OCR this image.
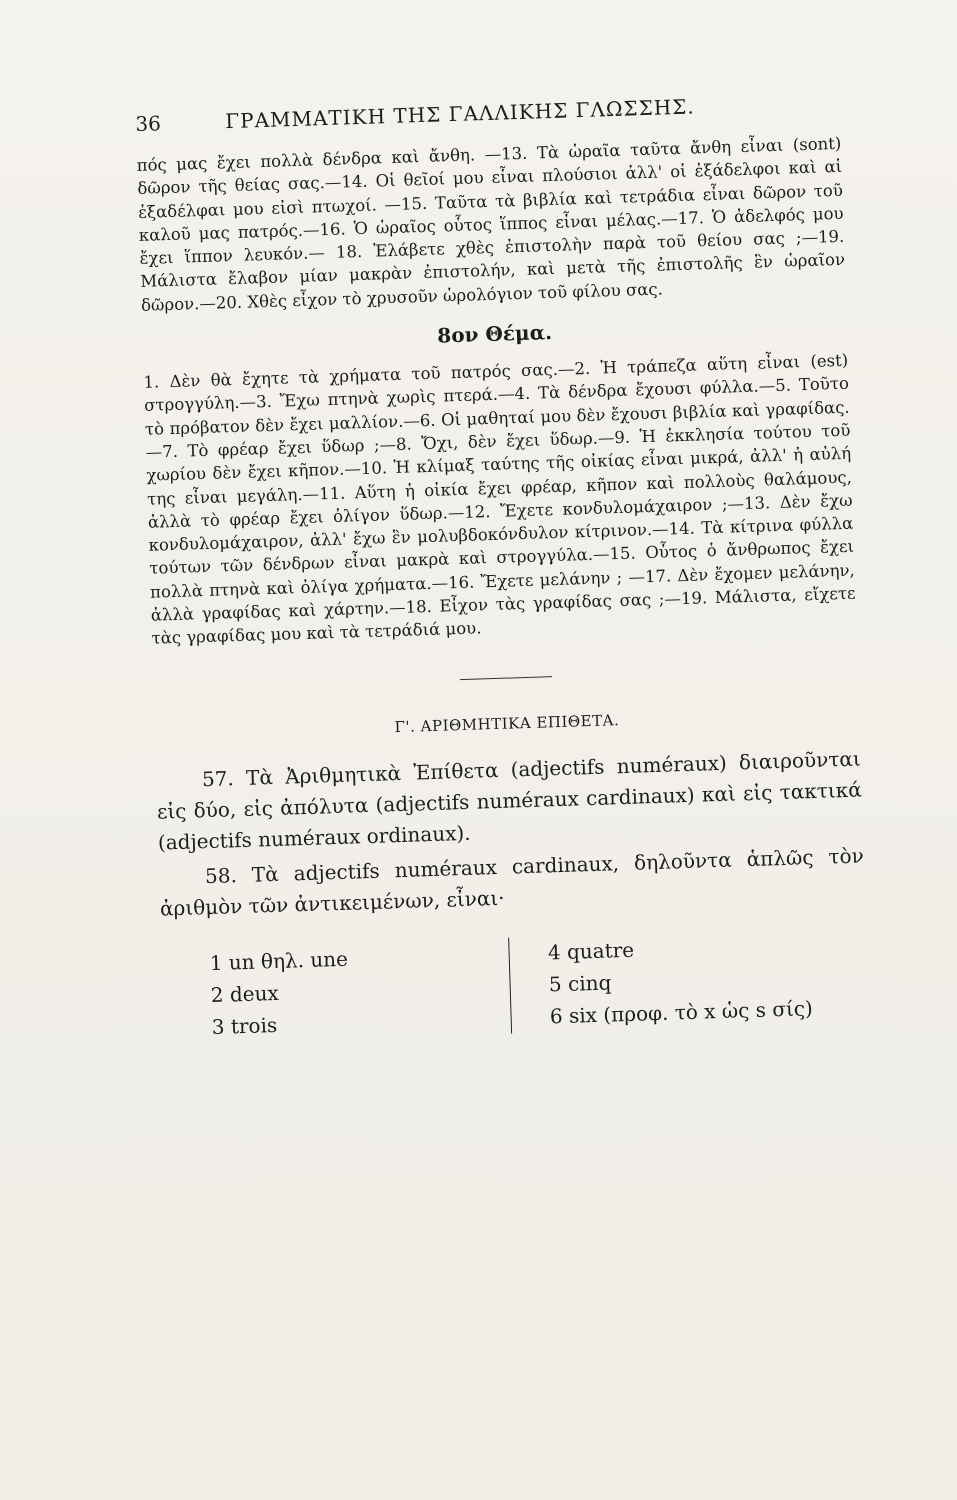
36	ΓΡΑΜΜΑΤΙΚΗ ΤΗΣ ΓΑΛΛΙΚΗΣ ΓΛΩΣΣΗΣ.

πός μας ἔχει πολλὰ δένδρα καὶ ἄνθη. —13. Τὰ ὡραῖα ταῦτα ἄνθη εἶναι (sont) δῶρον τῆς θείας σας.—14. Οἱ θεῖοί μου εἶναι πλούσιοι ἀλλ' οἱ ἐξάδελφοι καὶ αἱ ἐξαδέλφαι μου εἰσὶ πτωχοί. —15. Ταῦτα τὰ βιβλία καὶ τετράδια εἶναι δῶρον τοῦ καλοῦ μας πατρός.—16. Ὁ ὡραῖος οὗτος ἵππος εἶναι μέλας.—17. Ὁ ἀδελφός μου ἔχει ἵππον λευκόν.— 18. Ἐλάβετε χθὲς ἐπιστολὴν παρὰ τοῦ θείου σας ;—19. Μάλιστα ἔλαβον μίαν μακρὰν ἐπιστολήν, καὶ μετὰ τῆς ἐπιστολῆς ἓν ὡραῖον δῶρον.—20. Χθὲς εἶχον τὸ χρυσοῦν ὡρολόγιον τοῦ φίλου σας.

8ον Θέμα.

1. Δὲν θὰ ἔχητε τὰ χρήματα τοῦ πατρός σας.—2. Ἡ τράπεζα αὕτη εἶναι (est) στρογγύλη.—3. Ἔχω πτηνὰ χωρὶς πτερά.—4. Τὰ δένδρα ἔχουσι φύλλα.—5. Τοῦτο τὸ πρόβατον δὲν ἔχει μαλλίον.—6. Οἱ μαθηταί μου δὲν ἔχουσι βιβλία καὶ γραφίδας.—7. Τὸ φρέαρ ἔχει ὕδωρ ;—8. Ὄχι, δὲν ἔχει ὕδωρ.—9. Ἡ ἐκκλησία τούτου τοῦ χωρίου δὲν ἔχει κῆπον.—10. Ἡ κλίμαξ ταύτης τῆς οἰκίας εἶναι μικρά, ἀλλ' ἡ αὐλή της εἶναι μεγάλη.—11. Αὕτη ἡ οἰκία ἔχει φρέαρ, κῆπον καὶ πολλοὺς θαλάμους, ἀλλὰ τὸ φρέαρ ἔχει ὀλίγον ὕδωρ.—12. Ἔχετε κονδυλομάχαιρον ;—13. Δὲν ἔχω κονδυλομάχαιρον, ἀλλ' ἔχω ἓν μολυβδοκόνδυλον κίτρινον.—14. Τὰ κίτρινα φύλλα τούτων τῶν δένδρων εἶναι μακρὰ καὶ στρογγύλα.—15. Οὗτος ὁ ἄνθρωπος ἔχει πολλὰ πτηνὰ καὶ ὀλίγα χρήματα.—16. Ἔχετε μελάνην ; —17. Δὲν ἔχομεν μελάνην, ἀλλὰ γραφίδας καὶ χάρτην.—18. Εἶχον τὰς γραφίδας σας ;—19. Μάλιστα, εἴχετε τὰς γραφίδας μου καὶ τὰ τετράδιά μου.

Γ'. ΑΡΙΘΜΗΤΙΚΑ ΕΠΙΘΕΤΑ.

57. Τὰ Ἀριθμητικὰ Ἐπίθετα (adjectifs numéraux) διαιροῦνται εἰς δύο, εἰς ἀπόλυτα (adjectifs numéraux cardinaux) καὶ εἰς τακτικά (adjectifs numéraux ordinaux).

58. Τὰ adjectifs numéraux cardinaux, δηλοῦντα ἁπλῶς τὸν ἀριθμὸν τῶν ἀντικειμένων, εἶναι·

1 un θηλ. une
2 deux
3 trois
4 quatre
5 cinq
6 six (προφ. τὸ x ὡς s σίς)
